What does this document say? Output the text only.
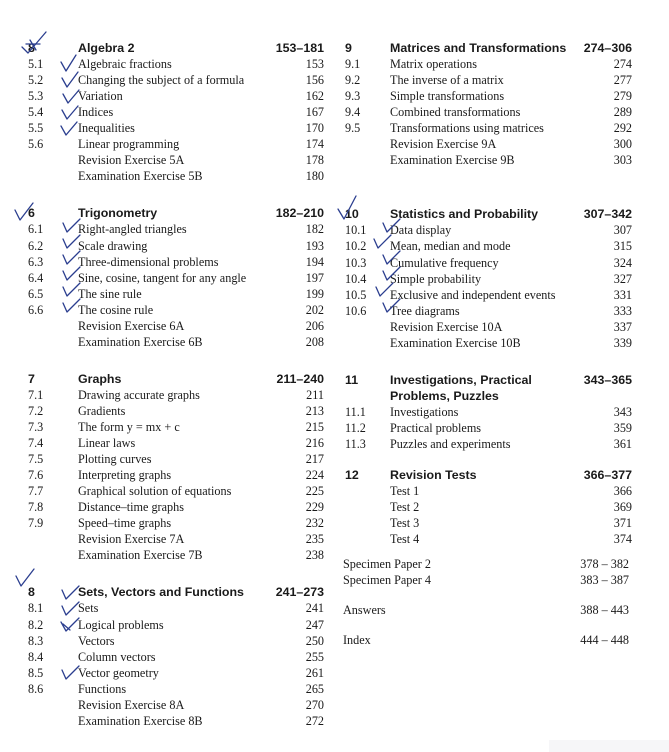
8	Algebra 2	153–181
5.1	Algebraic fractions	153
5.2	Changing the subject of a formula	156
5.3	Variation	162
5.4	Indices	167
5.5	Inequalities	170
5.6	Linear programming	174
Revision Exercise 5A	178
Examination Exercise 5B	180
6	Trigonometry	182–210
6.1	Right-angled triangles	182
6.2	Scale drawing	193
6.3	Three-dimensional problems	194
6.4	Sine, cosine, tangent for any angle	197
6.5	The sine rule	199
6.6	The cosine rule	202
Revision Exercise 6A	206
Examination Exercise 6B	208
7	Graphs	211–240
7.1	Drawing accurate graphs	211
7.2	Gradients	213
7.3	The form y = mx + c	215
7.4	Linear laws	216
7.5	Plotting curves	217
7.6	Interpreting graphs	224
7.7	Graphical solution of equations	225
7.8	Distance–time graphs	229
7.9	Speed–time graphs	232
Revision Exercise 7A	235
Examination Exercise 7B	238
8	Sets, Vectors and Functions	241–273
8.1	Sets	241
8.2	Logical problems	247
8.3	Vectors	250
8.4	Column vectors	255
8.5	Vector geometry	261
8.6	Functions	265
Revision Exercise 8A	270
Examination Exercise 8B	272
9	Matrices and Transformations 274–306
9.1 Matrix operations	274
9.2 The inverse of a matrix	277
9.3 Simple transformations	279
9.4 Combined transformations	289
9.5 Transformations using matrices	292
Revision Exercise 9A	300
Examination Exercise 9B	303
10	Statistics and Probability	307–342
10.1 Data display	307
10.2 Mean, median and mode	315
10.3 Cumulative frequency	324
10.4 Simple probability	327
10.5 Exclusive and independent events	331
10.6 Tree diagrams	333
Revision Exercise 10A	337
Examination Exercise 10B	339
11	Investigations, Practical	343–365
Problems, Puzzles
11.1 Investigations	343
11.2 Practical problems	359
11.3 Puzzles and experiments	361
12	Revision Tests	366–377
Test 1	366
Test 2	369
Test 3	371
Test 4	374
Specimen Paper 2	378 – 382
Specimen Paper 4	383 – 387
Answers	388 – 443
Index	444 – 448
